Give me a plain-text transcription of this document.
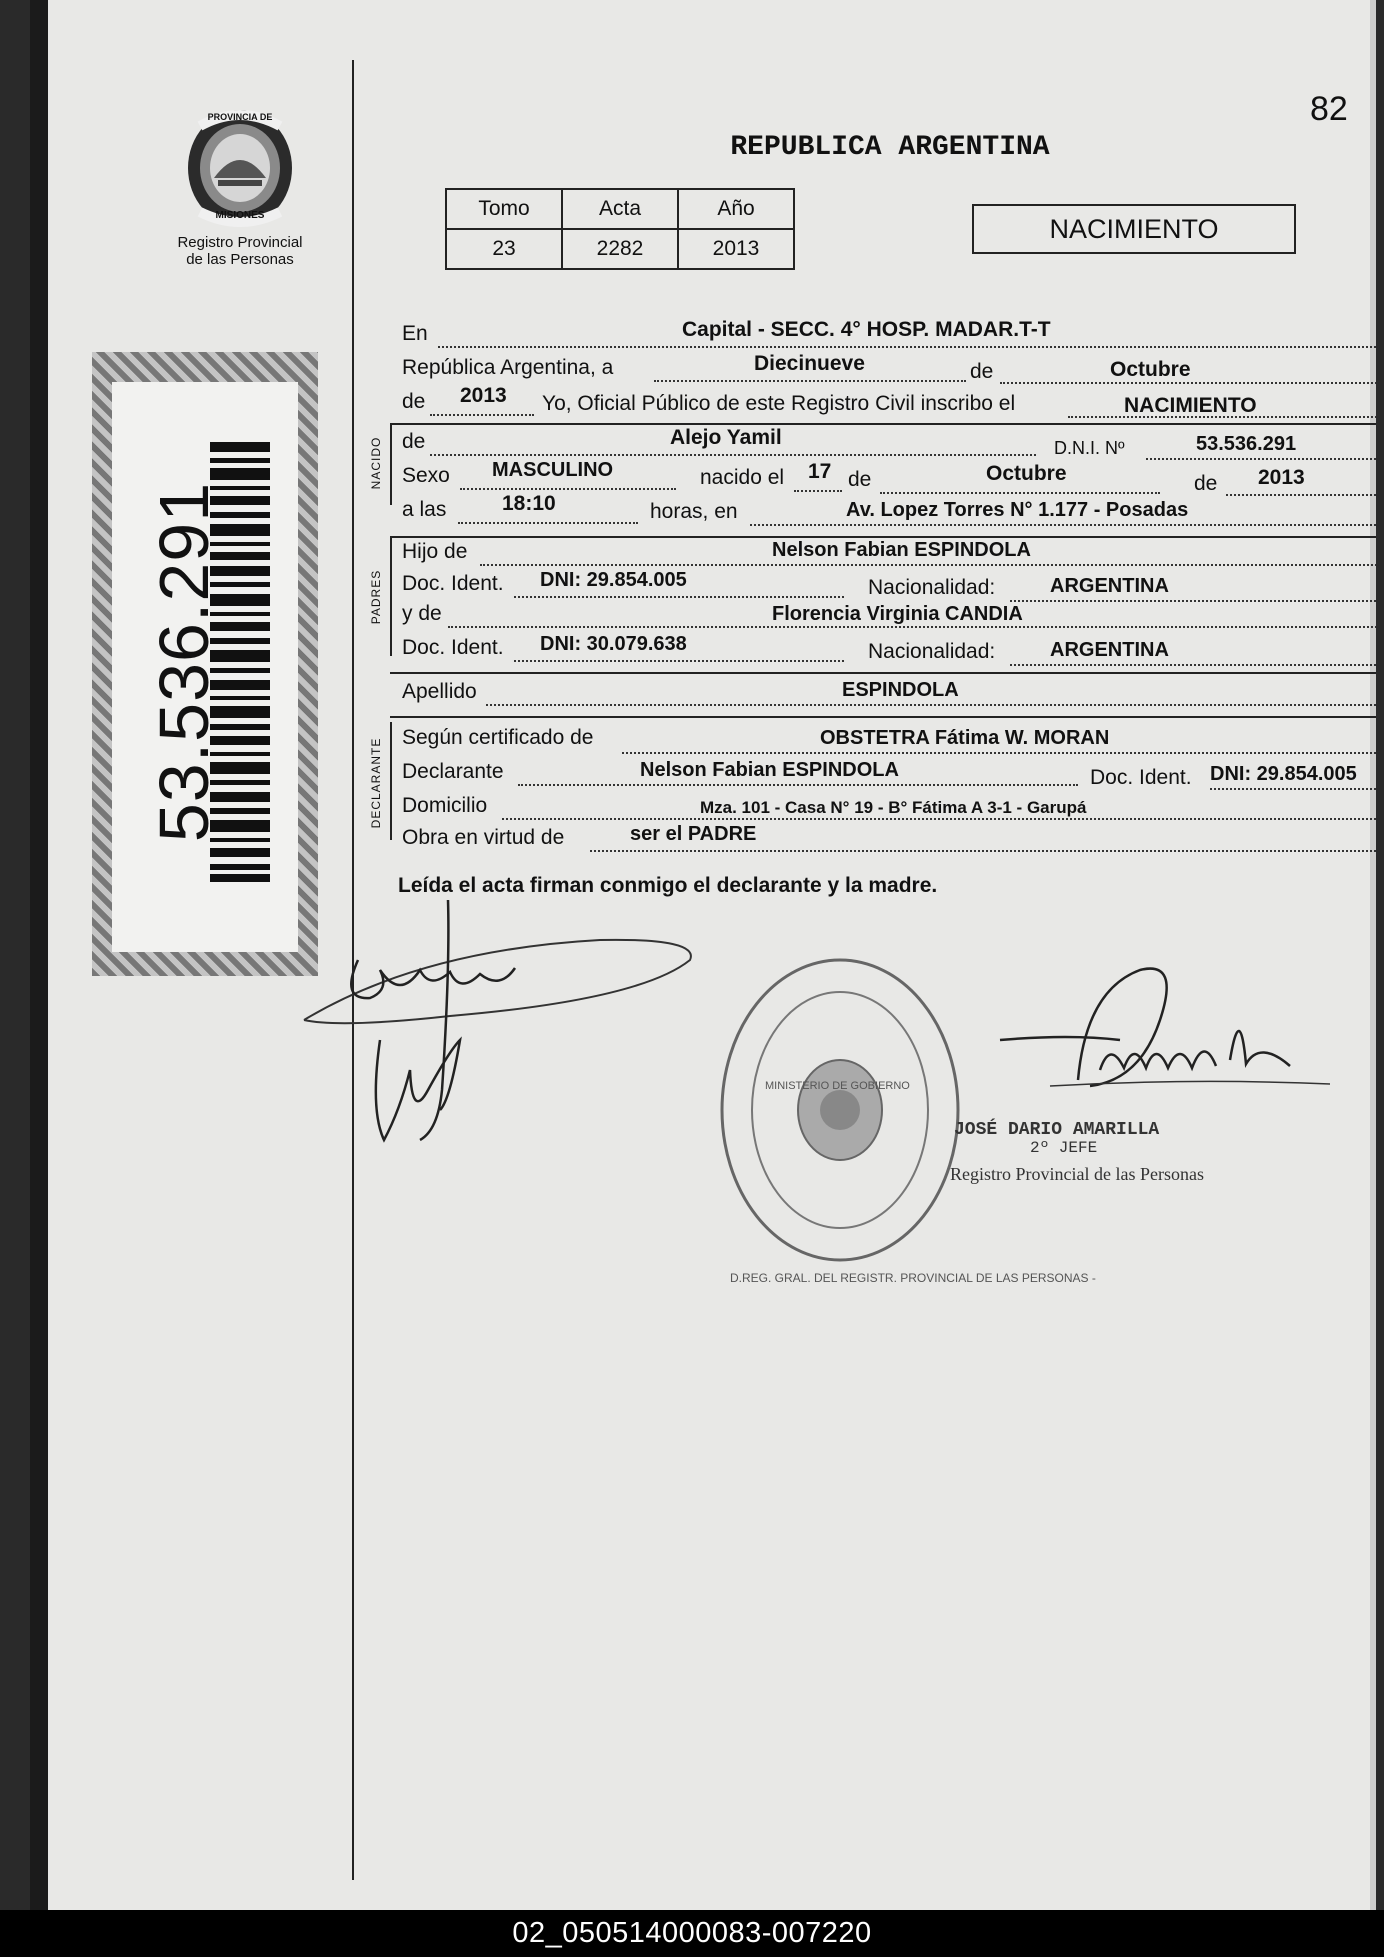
82
PROVINCIA DE
MISIONES
Registro Provincial
de las Personas
53.536.291
REPUBLICA ARGENTINA
Tomo	Acta	Año
23	2282	2013
NACIMIENTO
NACIDO
PADRES
DECLARANTE
En	Capital - SECC. 4° HOSP. MADAR.T-T
República Argentina, a	Diecinueve	de	Octubre
de 2013 Yo, Oficial Público de este Registro Civil inscribo el	NACIMIENTO
de	Alejo Yamil	D.N.I. Nº	53.536.291
Sexo MASCULINO	nacido el 17 de	Octubre	de 2013
a las	18:10	horas, en	Av. Lopez Torres N° 1.177 - Posadas
Hijo de	Nelson Fabian ESPINDOLA
Doc. Ident. DNI: 29.854.005	Nacionalidad:	ARGENTINA
y de	Florencia Virginia CANDIA
Doc. Ident. DNI: 30.079.638	Nacionalidad:	ARGENTINA
Apellido	ESPINDOLA
Según certificado de	OBSTETRA Fátima W. MORAN
Declarante	Nelson Fabian ESPINDOLA	Doc. Ident. DNI: 29.854.005
Domicilio	Mza. 101 - Casa N° 19 - B° Fátima A 3-1 - Garupá
Obra en virtud de	ser el PADRE
Leída el acta firman conmigo el declarante y la madre.
D.REG. GRAL. DEL REGISTR. PROVINCIAL DE LAS PERSONAS -
MINISTERIO DE GOBIERNO
JOSÉ DARIO AMARILLA
2º JEFE
Registro Provincial de las Personas
02_050514000083-007220
